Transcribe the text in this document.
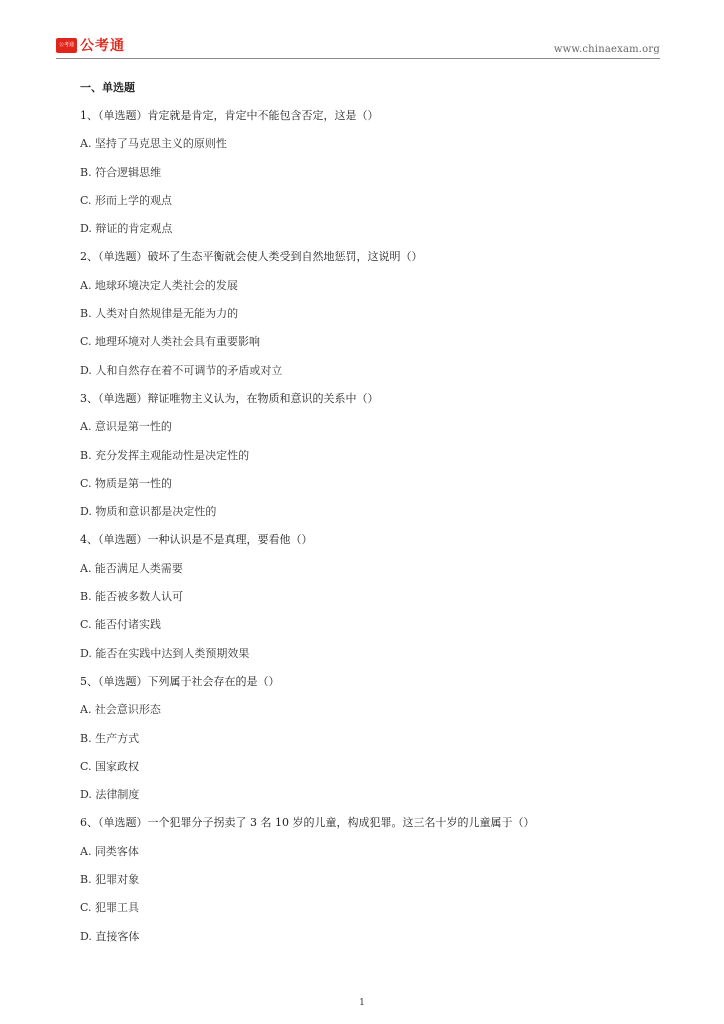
公考通 公考通	www.chinaexam.org
一、单选题
1、（单选题）肯定就是肯定，肯定中不能包含否定，这是（）
A. 坚持了马克思主义的原则性
B. 符合逻辑思维
C. 形而上学的观点
D. 辩证的肯定观点
2、（单选题）破坏了生态平衡就会使人类受到自然地惩罚，这说明（）
A. 地球环境决定人类社会的发展
B. 人类对自然规律是无能为力的
C. 地理环境对人类社会具有重要影响
D. 人和自然存在着不可调节的矛盾或对立
3、（单选题）辩证唯物主义认为，在物质和意识的关系中（）
A. 意识是第一性的
B. 充分发挥主观能动性是决定性的
C. 物质是第一性的
D. 物质和意识都是决定性的
4、（单选题）一种认识是不是真理，要看他（）
A. 能否满足人类需要
B. 能否被多数人认可
C. 能否付诸实践
D. 能否在实践中达到人类预期效果
5、（单选题）下列属于社会存在的是（）
A. 社会意识形态
B. 生产方式
C. 国家政权
D. 法律制度
6、（单选题）一个犯罪分子拐卖了 3 名 10 岁的儿童，构成犯罪。这三名十岁的儿童属于（）
A. 同类客体
B. 犯罪对象
C. 犯罪工具
D. 直接客体
1
